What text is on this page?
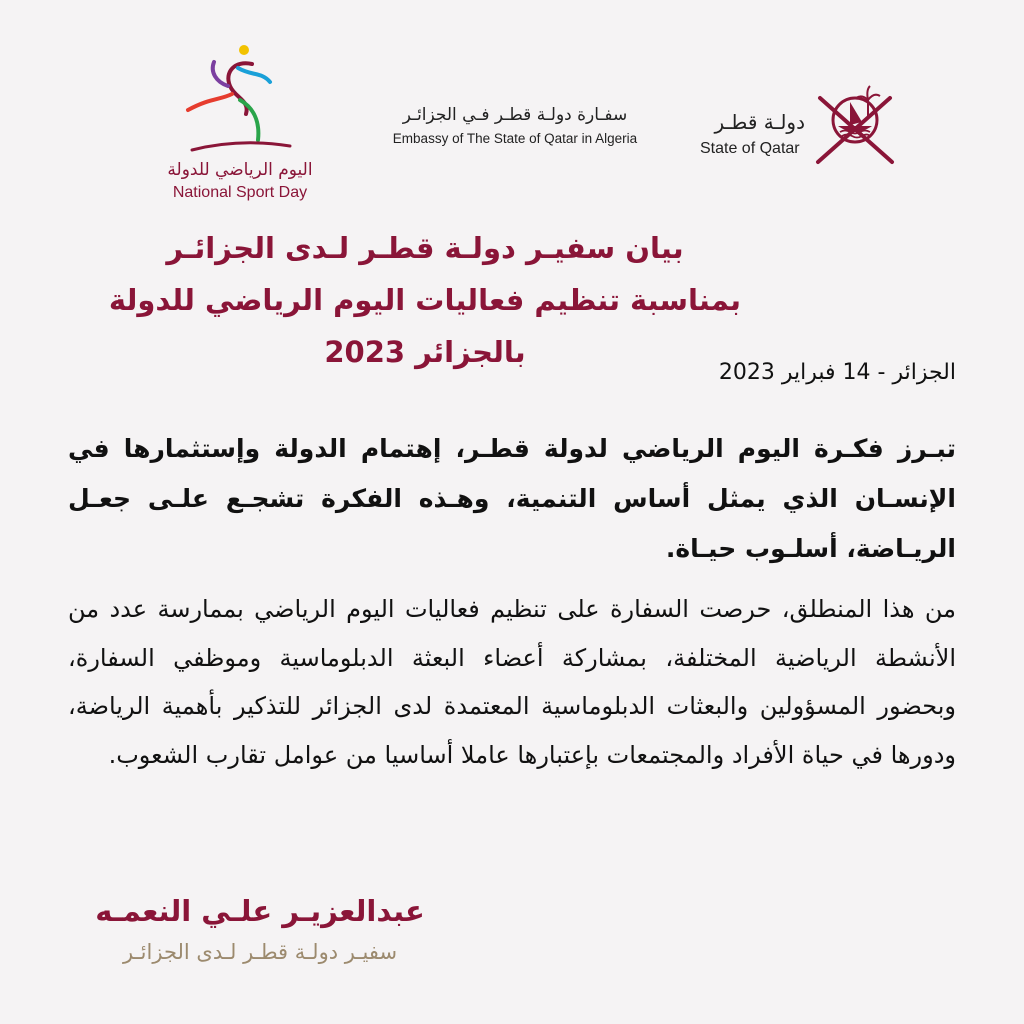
دولـة قطـر
State of Qatar
سفـارة دولـة قطـر فـي الجزائـر
Embassy of The State of Qatar in Algeria
اليوم الرياضي للدولة
National Sport Day
بيان سفيـر دولـة قطـر لـدى الجزائـر
بمناسبة تنظيم فعاليات اليوم الرياضي للدولة بالجزائر 2023
الجزائر - 14 فبراير 2023
تبـرز فكـرة اليوم الرياضي لدولة قطـر، إهتمام الدولة وإستثمارها في الإنسـان الذي يمثل أساس التنمية، وهـذه الفكرة تشجـع علـى جعـل الريـاضة، أسلـوب حيـاة.
من هذا المنطلق، حرصت السفارة على تنظيم فعاليات اليوم الرياضي بممارسة عدد من الأنشطة الرياضية المختلفة، بمشاركة أعضاء البعثة الدبلوماسية وموظفي السفارة، وبحضور المسؤولين والبعثات الدبلوماسية المعتمدة لدى الجزائر للتذكير بأهمية الرياضة، ودورها في حياة الأفراد والمجتمعات بإعتبارها عاملا أساسيا من عوامل تقارب الشعوب.
عبدالعزيـر علـي النعمـه
سفيـر دولـة قطـر لـدى الجزائـر
